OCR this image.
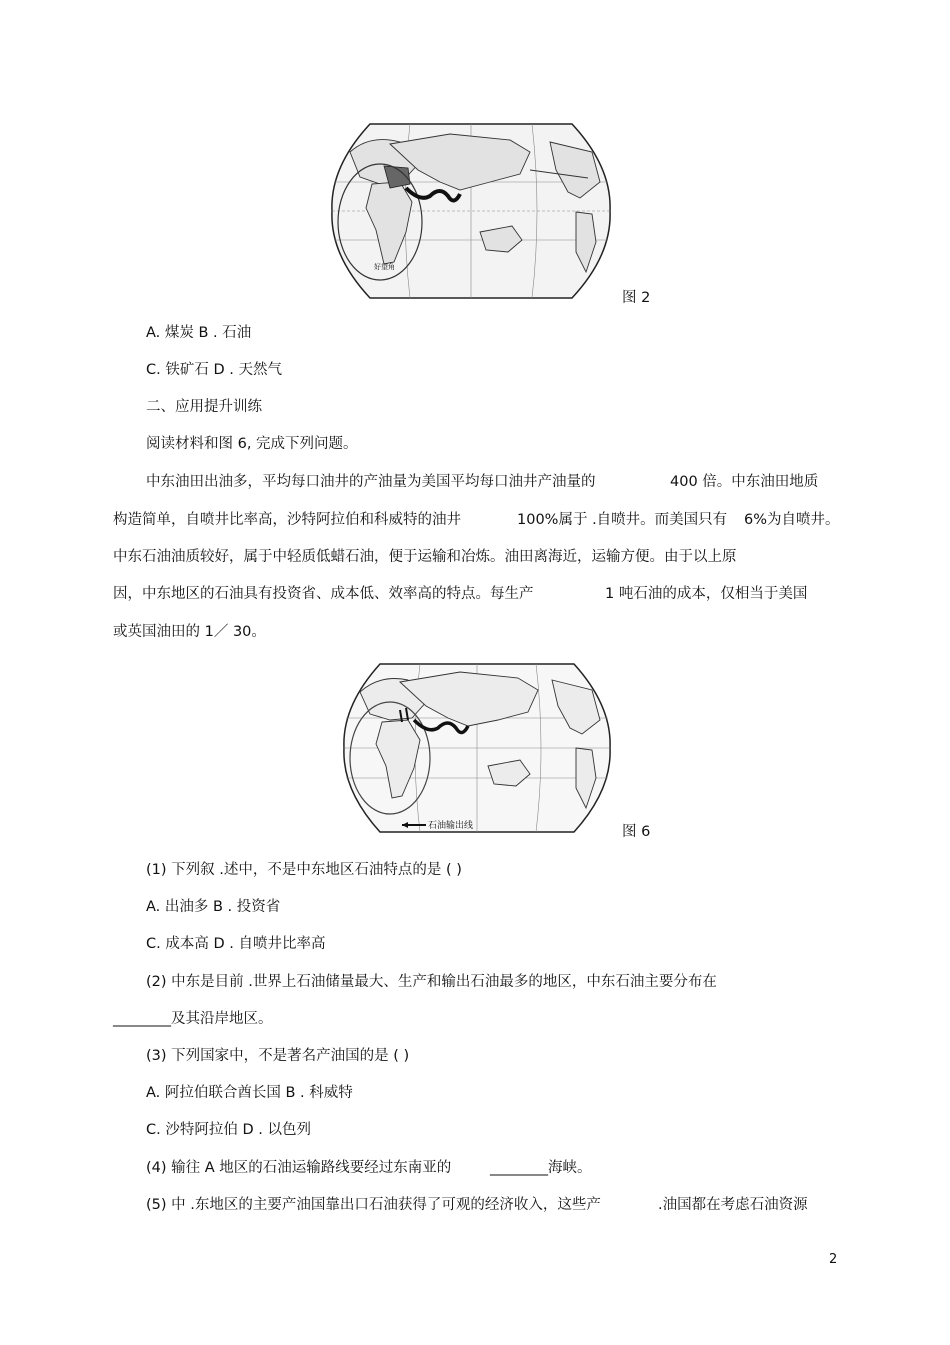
好望角
图 2
A. 煤炭 B . 石油
C. 铁矿石 D . 天然气
二、应用提升训练
阅读材料和图 6, 完成下列问题。
中东油田出油多，平均每口油井的产油量为美国平均每口油井产油量的	400 倍。中东油田地质
构造简单，自喷井比率高，沙特阿拉伯和科威特的油井	100%属于 .自喷井。而美国只有 6%为自喷井。
中东石油油质较好，属于中轻质低蜡石油，便于运输和冶炼。油田离海近，运输方便。由于以上原
因，中东地区的石油具有投资省、成本低、效率高的特点。每生产	1 吨石油的成本，仅相当于美国
或英国油田的 1／ 30。
石油输出线	图 6
(1) 下列叙 .述中，不是中东地区石油特点的是 ( )
A. 出油多 B . 投资省
C. 成本高 D . 自喷井比率高
(2) 中东是目前 .世界上石油储量最大、生产和输出石油最多的地区，中东石油主要分布在
________及其沿岸地区。
(3) 下列国家中，不是著名产油国的是 ( )
A. 阿拉伯联合酋长国 B . 科威特
C. 沙特阿拉伯 D . 以色列
(4) 输往 A 地区的石油运输路线要经过东南亚的	________海峡。
(5) 中 .东地区的主要产油国靠出口石油获得了可观的经济收入，这些产	.油国都在考虑石油资源
2
